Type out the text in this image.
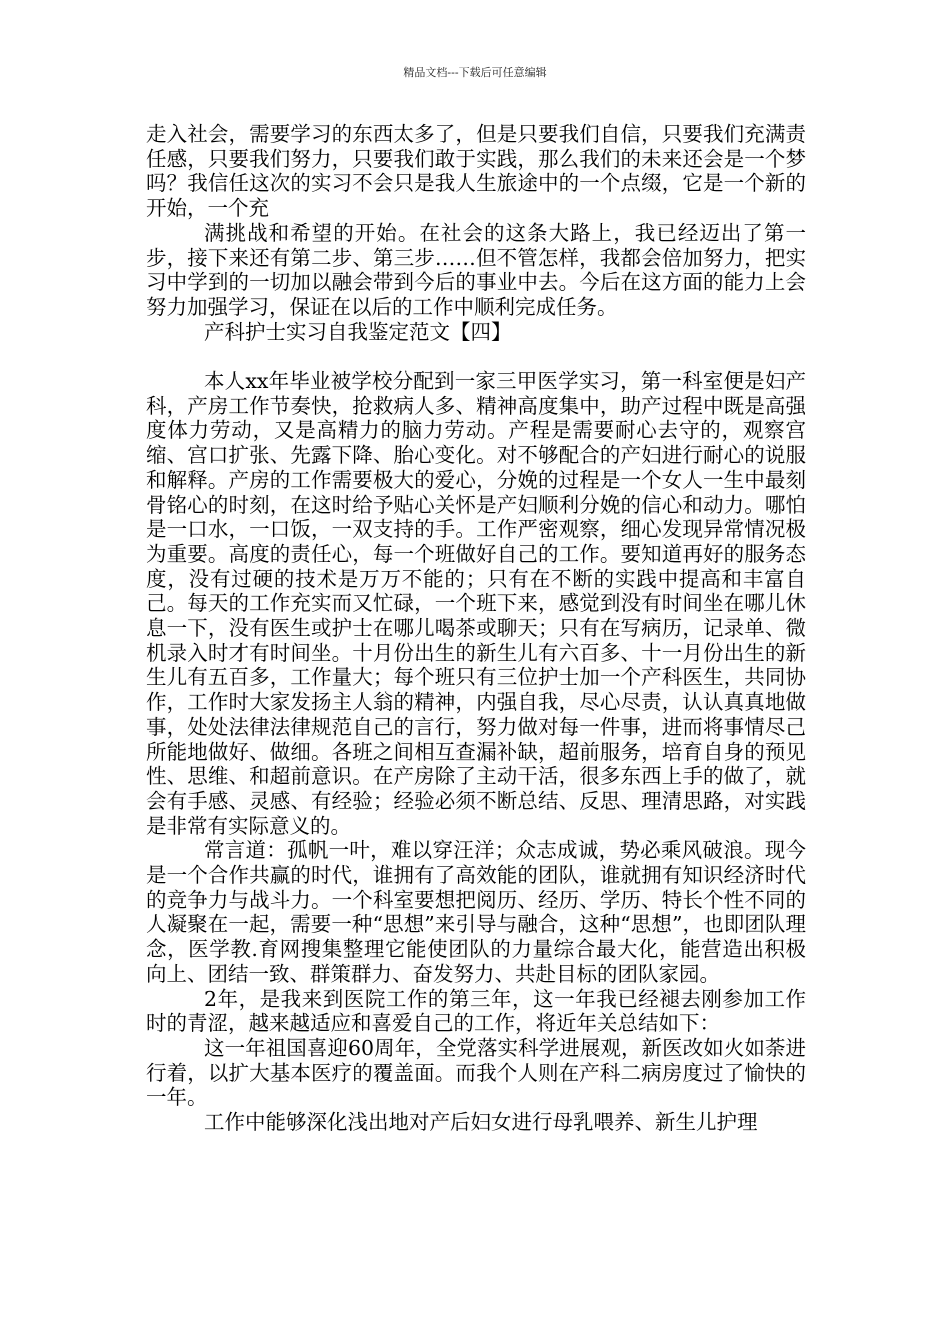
精品文档---下载后可任意编辑

走入社会，需要学习的东西太多了，但是只要我们自信，只要我们充满责任感，只要我们努力，只要我们敢于实践，那么我们的未来还会是一个梦吗？我信任这次的实习不会只是我人生旅途中的一个点缀，它是一个新的开始，一个充

满挑战和希望的开始。在社会的这条大路上，我已经迈出了第一步，接下来还有第二步、第三步……但不管怎样，我都会倍加努力，把实习中学到的一切加以融会带到今后的事业中去。今后在这方面的能力上会努力加强学习，保证在以后的工作中顺利完成任务。

产科护士实习自我鉴定范文【四】

本人xx年毕业被学校分配到一家三甲医学实习，第一科室便是妇产科，产房工作节奏快，抢救病人多、精神高度集中，助产过程中既是高强度体力劳动，又是高精力的脑力劳动。产程是需要耐心去守的，观察宫缩、宫口扩张、先露下降、胎心变化。对不够配合的产妇进行耐心的说服和解释。产房的工作需要极大的爱心，分娩的过程是一个女人一生中最刻骨铭心的时刻，在这时给予贴心关怀是产妇顺利分娩的信心和动力。哪怕是一口水，一口饭，一双支持的手。工作严密观察，细心发现异常情况极为重要。高度的责任心，每一个班做好自己的工作。要知道再好的服务态度，没有过硬的技术是万万不能的；只有在不断的实践中提高和丰富自己。每天的工作充实而又忙碌，一个班下来，感觉到没有时间坐在哪儿休息一下，没有医生或护士在哪儿喝茶或聊天；只有在写病历，记录单、微机录入时才有时间坐。十月份出生的新生儿有六百多、十一月份出生的新生儿有五百多，工作量大；每个班只有三位护士加一个产科医生，共同协作，工作时大家发扬主人翁的精神，内强自我，尽心尽责，认认真真地做事，处处法律法律规范自己的言行，努力做对每一件事，进而将事情尽己所能地做好、做细。各班之间相互查漏补缺，超前服务，培育自身的预见性、思维、和超前意识。在产房除了主动干活，很多东西上手的做了，就会有手感、灵感、有经验；经验必须不断总结、反思、理清思路，对实践是非常有实际意义的。

常言道：孤帆一叶，难以穿汪洋；众志成诚，势必乘风破浪。现今是一个合作共赢的时代，谁拥有了高效能的团队，谁就拥有知识经济时代的竞争力与战斗力。一个科室要想把阅历、经历、学历、特长个性不同的人凝聚在一起，需要一种“思想”来引导与融合，这种“思想”，也即团队理念，医学教.育网搜集整理它能使团队的力量综合最大化，能营造出积极向上、团结一致、群策群力、奋发努力、共赴目标的团队家园。

2年，是我来到医院工作的第三年，这一年我已经褪去刚参加工作时的青涩，越来越适应和喜爱自己的工作，将近年关总结如下：

这一年祖国喜迎60周年，全党落实科学进展观，新医改如火如荼进行着，以扩大基本医疗的覆盖面。而我个人则在产科二病房度过了愉快的一年。

工作中能够深化浅出地对产后妇女进行母乳喂养、新生儿护理
